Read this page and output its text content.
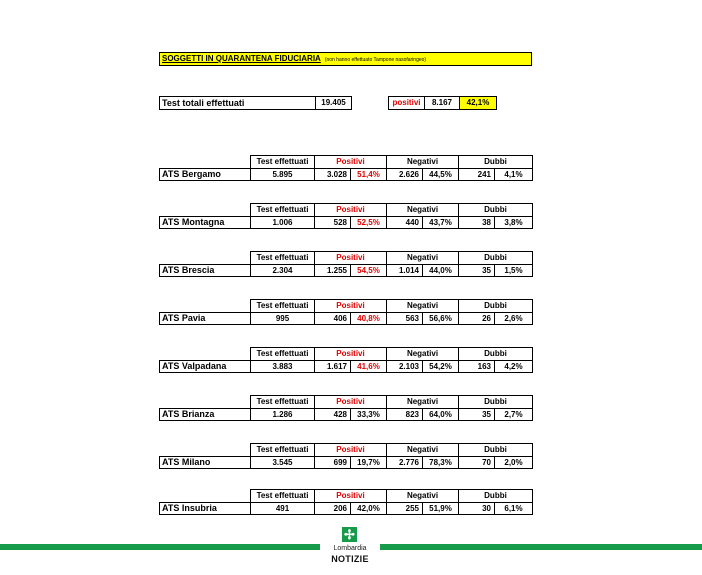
SOGGETTI IN QUARANTENA FIDUCIARIA (non hanno effettuato Tampone nasofaringeo)
Test totali effettuati	19.405	positivi	8.167	42,1%
Test effettuati	Positivi	Negativi	Dubbi
ATS Bergamo	5.895	3.028	51,4%	2.626	44,5%	241	4,1%
Test effettuati	Positivi	Negativi	Dubbi
ATS Montagna	1.006	528	52,5%	440	43,7%	38	3,8%
Test effettuati	Positivi	Negativi	Dubbi
ATS Brescia	2.304	1.255	54,5%	1.014	44,0%	35	1,5%
Test effettuati	Positivi	Negativi	Dubbi
ATS Pavia	995	406	40,8%	563	56,6%	26	2,6%
Test effettuati	Positivi	Negativi	Dubbi
ATS Valpadana	3.883	1.617	41,6%	2.103	54,2%	163	4,2%
Test effettuati	Positivi	Negativi	Dubbi
ATS Brianza	1.286	428	33,3%	823	64,0%	35	2,7%
Test effettuati	Positivi	Negativi	Dubbi
ATS Milano	3.545	699	19,7%	2.776	78,3%	70	2,0%
Test effettuati	Positivi	Negativi	Dubbi
ATS Insubria	491	206	42,0%	255	51,9%	30	6,1%
✢
Lombardia
NOTIZIE
